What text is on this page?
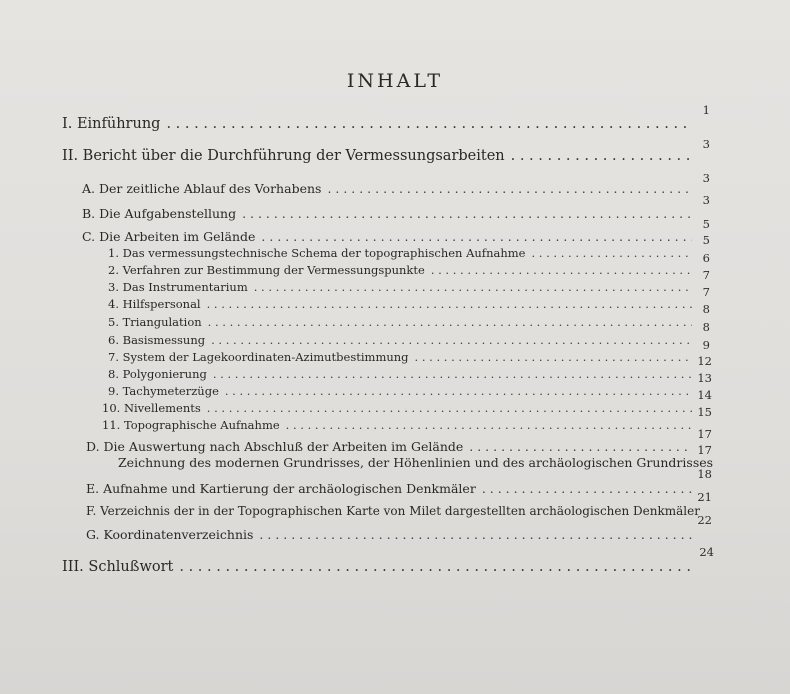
INHALT
I. Einführung
. . .
1
II. Bericht über die Durchführung der Vermessungsarbeiten
. . .
3
A. Der zeitliche Ablauf des Vorhabens
. . .
3
B. Die Aufgabenstellung
. . .
3
C. Die Arbeiten im Gelände
. . .
5
1. Das vermessungstechnische Schema der topographischen Aufnahme
. . .
5
2. Verfahren zur Bestimmung der Vermessungspunkte
. . .
6
3. Das Instrumentarium
. . .
7
4. Hilfspersonal
. . .
7
5. Triangulation
. . .
8
6. Basismessung
. . .
8
7. System der Lagekoordinaten-Azimutbestimmung
. . .
9
8. Polygonierung
. . .
12
9. Tachymeterzüge
. . .
13
10. Nivellements
. . .
14
11. Topographische Aufnahme
. . .
15
D. Die Auswertung nach Abschluß der Arbeiten im Gelände
. . .
17
Zeichnung des modernen Grundrisses, der Höhenlinien und des archäologischen Grundrisses
17
E. Aufnahme und Kartierung der archäologischen Denkmäler
. . .
18
F. Verzeichnis der in der Topographischen Karte von Milet dargestellten archäologischen Denkmäler
21
G. Koordinatenverzeichnis
. . .
22
III. Schlußwort
. . .
24
